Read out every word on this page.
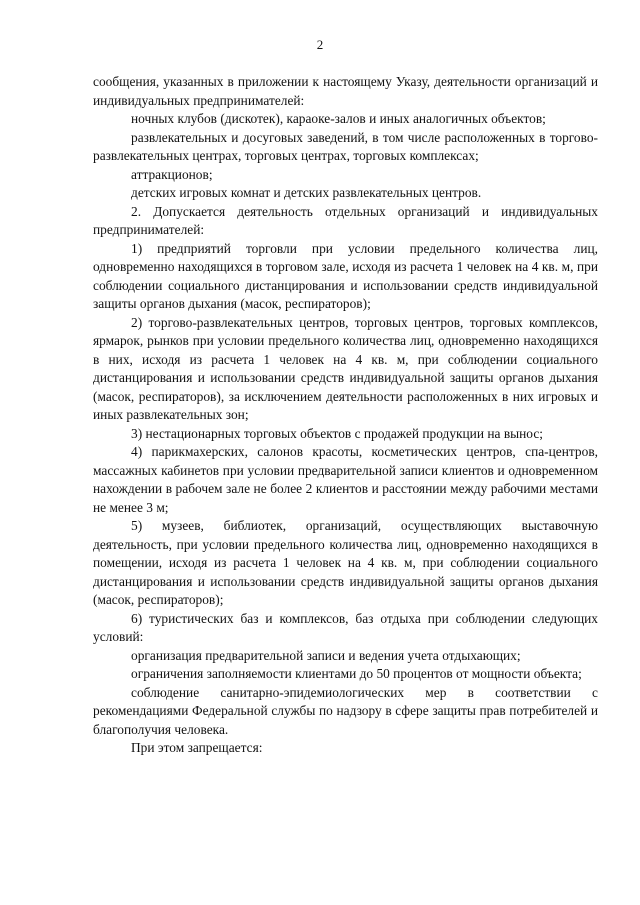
2

сообщения, указанных в приложении к настоящему Указу, деятельности организаций и индивидуальных предпринимателей:

ночных клубов (дискотек), караоке-залов и иных аналогичных объектов;

развлекательных и досуговых заведений, в том числе расположенных в торгово-развлекательных центрах, торговых центрах, торговых комплексах;

аттракционов;

детских игровых комнат и детских развлекательных центров.

2. Допускается деятельность отдельных организаций и индивидуальных предпринимателей:

1) предприятий торговли при условии предельного количества лиц, одновременно находящихся в торговом зале, исходя из расчета 1 человек на 4 кв. м, при соблюдении социального дистанцирования и использовании средств индивидуальной защиты органов дыхания (масок, респираторов);

2) торгово-развлекательных центров, торговых центров, торговых комплексов, ярмарок, рынков при условии предельного количества лиц, одновременно находящихся в них, исходя из расчета 1 человек на 4 кв. м, при соблюдении социального дистанцирования и использовании средств индивидуальной защиты органов дыхания (масок, респираторов), за исключением деятельности расположенных в них игровых и иных развлекательных зон;

3) нестационарных торговых объектов с продажей продукции на вынос;

4) парикмахерских, салонов красоты, косметических центров, спа-центров, массажных кабинетов при условии предварительной записи клиентов и одновременном нахождении в рабочем зале не более 2 клиентов и расстоянии между рабочими местами не менее 3 м;

5) музеев, библиотек, организаций, осуществляющих выставочную деятельность, при условии предельного количества лиц, одновременно находящихся в помещении, исходя из расчета 1 человек на 4 кв. м, при соблюдении социального дистанцирования и использовании средств индивидуальной защиты органов дыхания (масок, респираторов);

6) туристических баз и комплексов, баз отдыха при соблюдении следующих условий:

организация предварительной записи и ведения учета отдыхающих;

ограничения заполняемости клиентами до 50 процентов от мощности объекта;

соблюдение санитарно-эпидемиологических мер в соответствии с рекомендациями Федеральной службы по надзору в сфере защиты прав потребителей и благополучия человека.

При этом запрещается:
